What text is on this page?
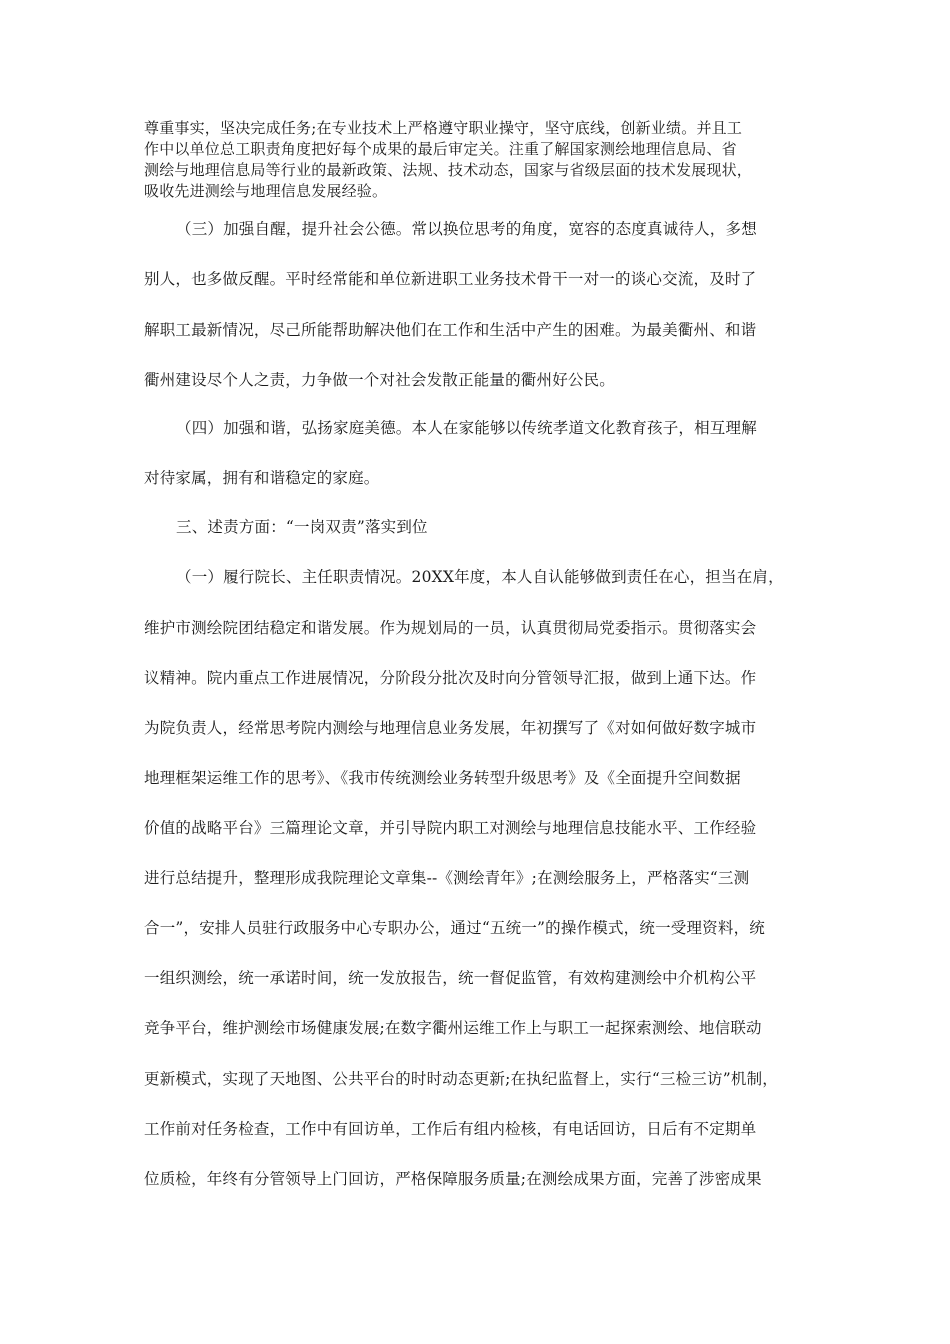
尊重事实，坚决完成任务;在专业技术上严格遵守职业操守，坚守底线，创新业绩。并且工
作中以单位总工职责角度把好每个成果的最后审定关。注重了解国家测绘地理信息局、省
测绘与地理信息局等行业的最新政策、法规、技术动态，国家与省级层面的技术发展现状，
吸收先进测绘与地理信息发展经验。
（三）加强自醒，提升社会公德。常以换位思考的角度，宽容的态度真诚待人，多想
别人，也多做反醒。平时经常能和单位新进职工业务技术骨干一对一的谈心交流，及时了
解职工最新情况，尽己所能帮助解决他们在工作和生活中产生的困难。为最美衢州、和谐
衢州建设尽个人之责，力争做一个对社会发散正能量的衢州好公民。
（四）加强和谐，弘扬家庭美德。本人在家能够以传统孝道文化教育孩子，相互理解
对待家属，拥有和谐稳定的家庭。
三、述责方面：“一岗双责”落实到位
（一）履行院长、主任职责情况。20XX年度，本人自认能够做到责任在心，担当在肩，
维护市测绘院团结稳定和谐发展。作为规划局的一员，认真贯彻局党委指示。贯彻落实会
议精神。院内重点工作进展情况，分阶段分批次及时向分管领导汇报，做到上通下达。作
为院负责人，经常思考院内测绘与地理信息业务发展，年初撰写了《对如何做好数字城市
地理框架运维工作的思考》、《我市传统测绘业务转型升级思考》及《全面提升空间数据
价值的战略平台》三篇理论文章，并引导院内职工对测绘与地理信息技能水平、工作经验
进行总结提升，整理形成我院理论文章集--《测绘青年》;在测绘服务上，严格落实“三测
合一”，安排人员驻行政服务中心专职办公，通过“五统一”的操作模式，统一受理资料，统
一组织测绘，统一承诺时间，统一发放报告，统一督促监管，有效构建测绘中介机构公平
竞争平台，维护测绘市场健康发展;在数字衢州运维工作上与职工一起探索测绘、地信联动
更新模式，实现了天地图、公共平台的时时动态更新;在执纪监督上，实行“三检三访”机制，
工作前对任务检查，工作中有回访单，工作后有组内检核，有电话回访，日后有不定期单
位质检，年终有分管领导上门回访，严格保障服务质量;在测绘成果方面，完善了涉密成果
